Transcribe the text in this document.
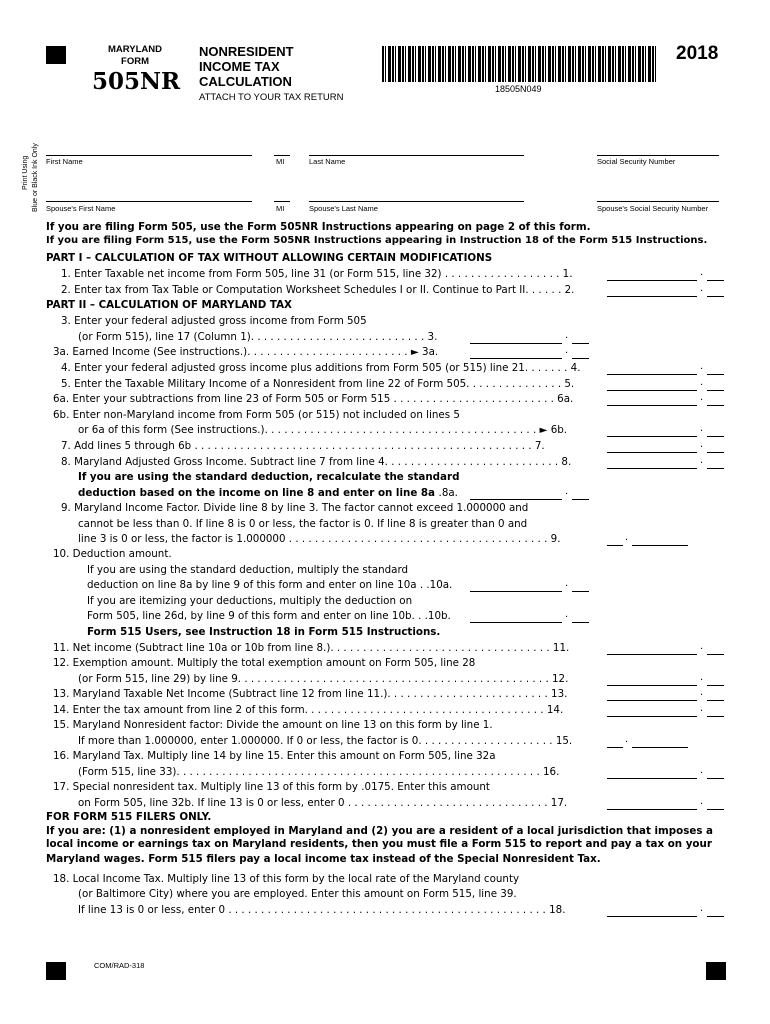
MARYLAND
FORM
505NR
NONRESIDENT
INCOME TAX
CALCULATION
ATTACH TO YOUR TAX RETURN
18505N049
2018
Print Using Blue or Black Ink Only First Name	MI	Last Name	Social Security Number
Spouse's First Name	MI	Spouse's Last Name	Spouse's Social Security Number
If you are filing Form 505, use the Form 505NR Instructions appearing on page 2 of this form.
If you are filing Form 515, use the Form 505NR Instructions appearing in Instruction 18 of the Form 515 Instructions.
PART I – CALCULATION OF TAX WITHOUT ALLOWING CERTAIN MODIFICATIONS
1. Enter Taxable net income from Form 505, line 31 (or Form 515, line 32) . . . . . . . . . . . . . . . . . . 1.
2. Enter tax from Tax Table or Computation Worksheet Schedules I or II. Continue to Part II. . . . . . 2.
PART II – CALCULATION OF MARYLAND TAX
3. Enter your federal adjusted gross income from Form 505
(or Form 515), line 17 (Column 1). . . . . . . . . . . . . . . . . . . . . . . . . . . 3.
3a. Earned Income (See instructions.). . . . . . . . . . . . . . . . . . . . . . . . . ► 3a.
4. Enter your federal adjusted gross income plus additions from Form 505 (or 515) line 21. . . . . . . 4.
5. Enter the Taxable Military Income of a Nonresident from line 22 of Form 505. . . . . . . . . . . . . . . 5.
6a. Enter your subtractions from line 23 of Form 505 or Form 515 . . . . . . . . . . . . . . . . . . . . . . . . . 6a.
6b. Enter non-Maryland income from Form 505 (or 515) not included on lines 5
or 6a of this form (See instructions.). . . . . . . . . . . . . . . . . . . . . . . . . . . . . . . . . . . . . . . . . . ► 6b.
7. Add lines 5 through 6b . . . . . . . . . . . . . . . . . . . . . . . . . . . . . . . . . . . . . . . . . . . . . . . . . . . . 7.
8. Maryland Adjusted Gross Income. Subtract line 7 from line 4. . . . . . . . . . . . . . . . . . . . . . . . . . . 8.
If you are using the standard deduction, recalculate the standard
deduction based on the income on line 8 and enter on line 8a
. .8a.
9. Maryland Income Factor. Divide line 8 by line 3. The factor cannot exceed 1.000000 and
cannot be less than 0. If line 8 is 0 or less, the factor is 0. If line 8 is greater than 0 and
line 3 is 0 or less, the factor is 1.000000 . . . . . . . . . . . . . . . . . . . . . . . . . . . . . . . . . . . . . . . . 9.
10. Deduction amount.
If you are using the standard deduction, multiply the standard
deduction on line 8a by line 9 of this form and enter on line 10a . .10a.
If you are itemizing your deductions, multiply the deduction on
Form 505, line 26d, by line 9 of this form and enter on line 10b. . .10b.
Form 515 Users, see Instruction 18 in Form 515 Instructions.
11. Net income (Subtract line 10a or 10b from line 8.). . . . . . . . . . . . . . . . . . . . . . . . . . . . . . . . . . 11.
12. Exemption amount. Multiply the total exemption amount on Form 505, line 28
(or Form 515, line 29) by line 9. . . . . . . . . . . . . . . . . . . . . . . . . . . . . . . . . . . . . . . . . . . . . . . . 12.
13. Maryland Taxable Net Income (Subtract line 12 from line 11.). . . . . . . . . . . . . . . . . . . . . . . . . 13.
14. Enter the tax amount from line 2 of this form. . . . . . . . . . . . . . . . . . . . . . . . . . . . . . . . . . . . . 14.
15. Maryland Nonresident factor: Divide the amount on line 13 on this form by line 1.
If more than 1.000000, enter 1.000000. If 0 or less, the factor is 0. . . . . . . . . . . . . . . . . . . . . 15.
16. Maryland Tax. Multiply line 14 by line 15. Enter this amount on Form 505, line 32a
(Form 515, line 33). . . . . . . . . . . . . . . . . . . . . . . . . . . . . . . . . . . . . . . . . . . . . . . . . . . . . . . . 16.
17. Special nonresident tax. Multiply line 13 of this form by .0175. Enter this amount
on Form 505, line 32b. If line 13 is 0 or less, enter 0 . . . . . . . . . . . . . . . . . . . . . . . . . . . . . . . 17.
FOR FORM 515 FILERS ONLY.
If you are: (1) a nonresident employed in Maryland and (2) you are a resident of a local jurisdiction that imposes a
local income or earnings tax on Maryland residents, then you must file a Form 515 to report and pay a tax on your
Maryland wages. Form 515 filers pay a local income tax instead of the Special Nonresident Tax.
18. Local Income Tax. Multiply line 13 of this form by the local rate of the Maryland county
(or Baltimore City) where you are employed. Enter this amount on Form 515, line 39.
If line 13 is 0 or less, enter 0 . . . . . . . . . . . . . . . . . . . . . . . . . . . . . . . . . . . . . . . . . . . . . . . . . 18.
COM/RAD-318
.
.
.
.
.
.
.
.
.
.
.
.
.
.
.
.
.
.
.
.
.
.
